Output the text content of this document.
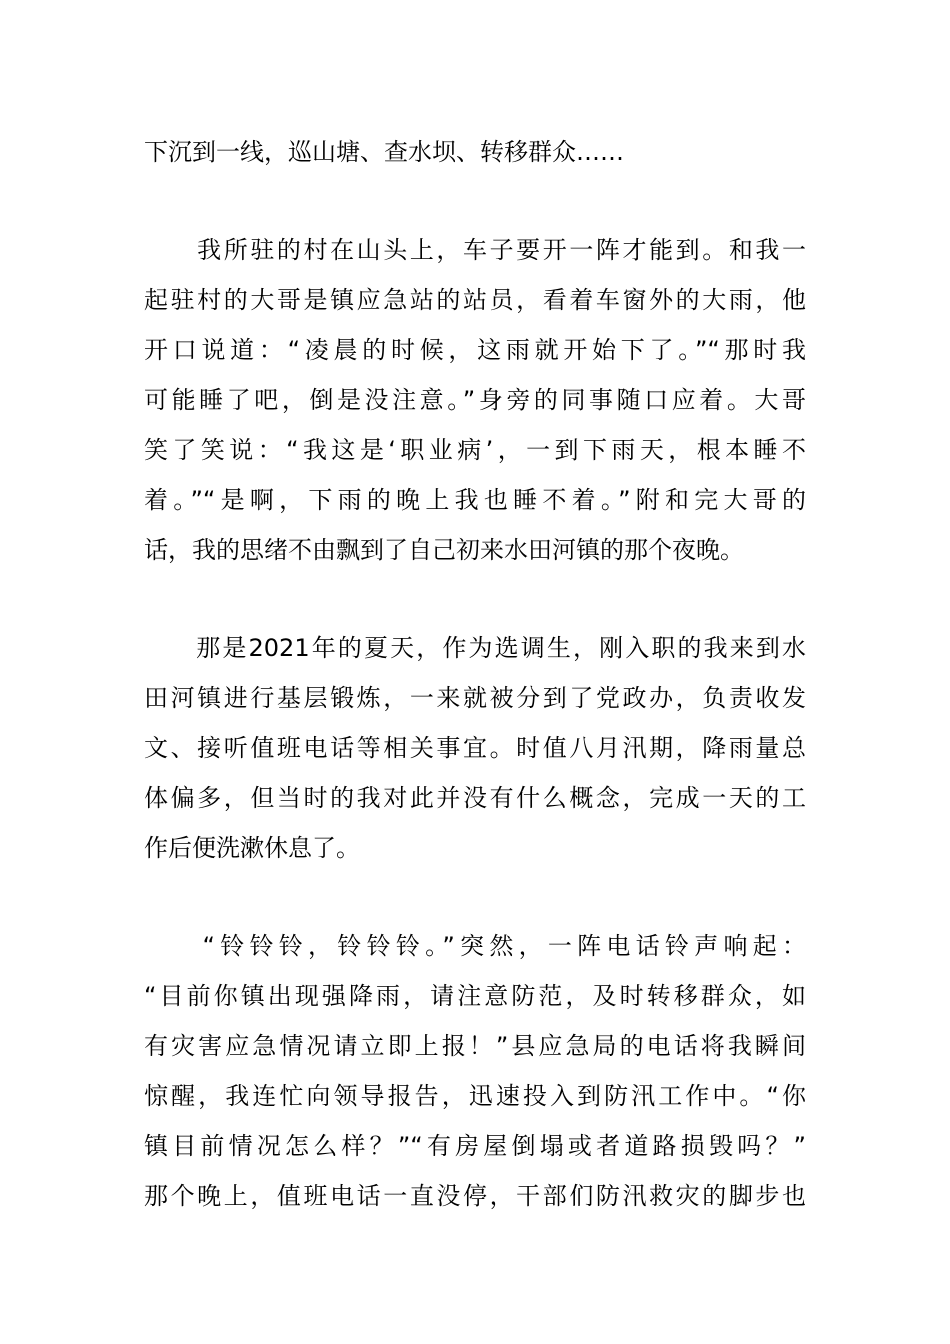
下沉到一线，巡山塘、查水坝、转移群众……
　　我所驻的村在山头上，车子要开一阵才能到。和我一
起驻村的大哥是镇应急站的站员，看着车窗外的大雨，他
开口说道：“凌晨的时候，这雨就开始下了。”“那时我
可能睡了吧，倒是没注意。”身旁的同事随口应着。大哥
笑了笑说：“我这是‘职业病’，一到下雨天，根本睡不
着。”“是啊，下雨的晚上我也睡不着。”附和完大哥的
话，我的思绪不由飘到了自己初来水田河镇的那个夜晚。
　　那是2021年的夏天，作为选调生，刚入职的我来到水
田河镇进行基层锻炼，一来就被分到了党政办，负责收发
文、接听值班电话等相关事宜。时值八月汛期，降雨量总
体偏多，但当时的我对此并没有什么概念，完成一天的工
作后便洗漱休息了。
　　“铃铃铃，铃铃铃。”突然，一阵电话铃声响起：
“目前你镇出现强降雨，请注意防范，及时转移群众，如
有灾害应急情况请立即上报！”县应急局的电话将我瞬间
惊醒，我连忙向领导报告，迅速投入到防汛工作中。“你
镇目前情况怎么样？”“有房屋倒塌或者道路损毁吗？”
那个晚上，值班电话一直没停，干部们防汛救灾的脚步也
